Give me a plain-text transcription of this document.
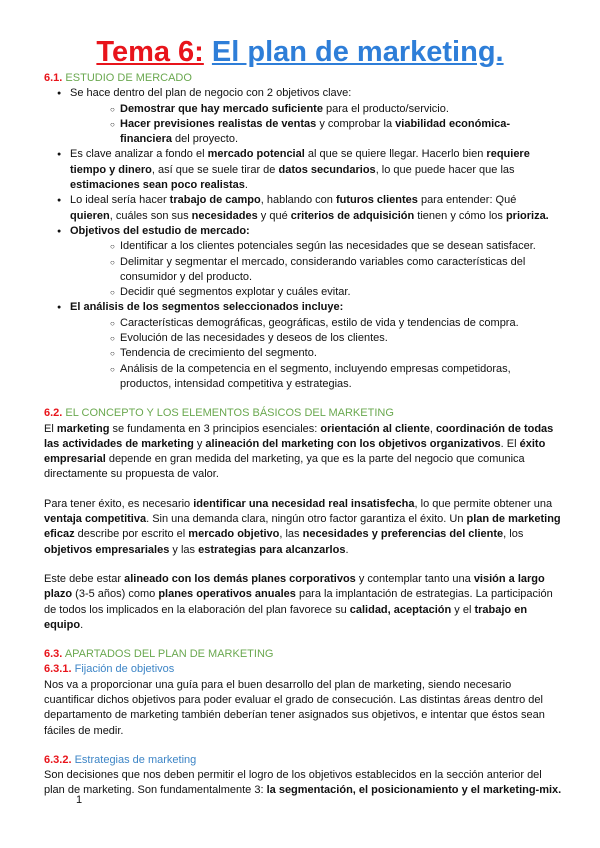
Tema 6: El plan de marketing.

6.1. ESTUDIO DE MERCADO

● Se hace dentro del plan de negocio con 2 objetivos clave:
○ Demostrar que hay mercado suficiente para el producto/servicio.
○ Hacer previsiones realistas de ventas y comprobar la viabilidad económica-financiera del proyecto.
● Es clave analizar a fondo el mercado potencial al que se quiere llegar. Hacerlo bien requiere tiempo y dinero, así que se suele tirar de datos secundarios, lo que puede hacer que las estimaciones sean poco realistas.
● Lo ideal sería hacer trabajo de campo, hablando con futuros clientes para entender: Qué quieren, cuáles son sus necesidades y qué criterios de adquisición tienen y cómo los prioriza.
● Objetivos del estudio de mercado:
○ Identificar a los clientes potenciales según las necesidades que se desean satisfacer.
○ Delimitar y segmentar el mercado, considerando variables como características del consumidor y del producto.
○ Decidir qué segmentos explotar y cuáles evitar.
● El análisis de los segmentos seleccionados incluye:
○ Características demográficas, geográficas, estilo de vida y tendencias de compra.
○ Evolución de las necesidades y deseos de los clientes.
○ Tendencia de crecimiento del segmento.
○ Análisis de la competencia en el segmento, incluyendo empresas competidoras, productos, intensidad competitiva y estrategias.

6.2. EL CONCEPTO Y LOS ELEMENTOS BÁSICOS DEL MARKETING

El marketing se fundamenta en 3 principios esenciales: orientación al cliente, coordinación de todas las actividades de marketing y alineación del marketing con los objetivos organizativos. El éxito empresarial depende en gran medida del marketing, ya que es la parte del negocio que comunica directamente su propuesta de valor.

Para tener éxito, es necesario identificar una necesidad real insatisfecha, lo que permite obtener una ventaja competitiva. Sin una demanda clara, ningún otro factor garantiza el éxito. Un plan de marketing eficaz describe por escrito el mercado objetivo, las necesidades y preferencias del cliente, los objetivos empresariales y las estrategias para alcanzarlos.

Este debe estar alineado con los demás planes corporativos y contemplar tanto una visión a largo plazo (3-5 años) como planes operativos anuales para la implantación de estrategias. La participación de todos los implicados en la elaboración del plan favorece su calidad, aceptación y el trabajo en equipo.

6.3. APARTADOS DEL PLAN DE MARKETING

6.3.1. Fijación de objetivos

Nos va a proporcionar una guía para el buen desarrollo del plan de marketing, siendo necesario cuantificar dichos objetivos para poder evaluar el grado de consecución. Las distintas áreas dentro del departamento de marketing también deberían tener asignados sus objetivos, e intentar que éstos sean fáciles de medir.

6.3.2. Estrategias de marketing

Son decisiones que nos deben permitir el logro de los objetivos establecidos en la sección anterior del plan de marketing. Son fundamentalmente 3: la segmentación, el posicionamiento y el marketing-mix.

1
